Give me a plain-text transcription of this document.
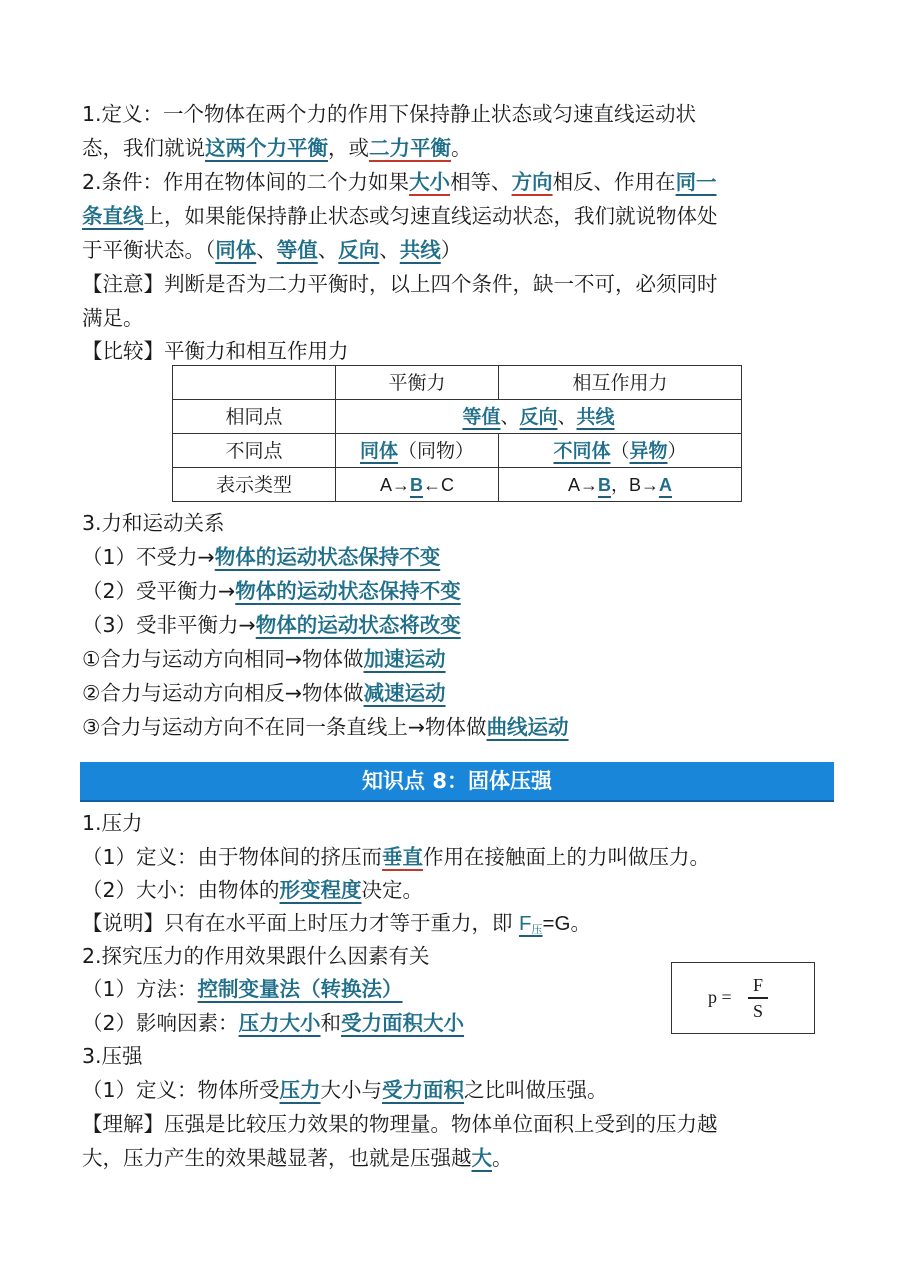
1.定义：一个物体在两个力的作用下保持静止状态或匀速直线运动状
态，我们就说这两个力平衡，或二力平衡。
2.条件：作用在物体间的二个力如果大小相等、方向相反、作用在同一
条直线上，如果能保持静止状态或匀速直线运动状态，我们就说物体处
于平衡状态。（同体、等值、反向、共线）
【注意】判断是否为二力平衡时，以上四个条件，缺一不可，必须同时
满足。
【比较】平衡力和相互作用力
	平衡力	相互作用力
相同点	等值、反向、共线	
不同点	同体（同物）	不同体（异物）
表示类型	A→B←C	A→B，B→A
3.力和运动关系
（1）不受力→物体的运动状态保持不变
（2）受平衡力→物体的运动状态保持不变
（3）受非平衡力→物体的运动状态将改变
①合力与运动方向相同→物体做加速运动
②合力与运动方向相反→物体做减速运动
③合力与运动方向不在同一条直线上→物体做曲线运动
知识点 8：固体压强
1.压力
（1）定义：由于物体间的挤压而垂直作用在接触面上的力叫做压力。
（2）大小：由物体的形变程度决定。
【说明】只有在水平面上时压力才等于重力，即 $F_压=G$。
2.探究压力的作用效果跟什么因素有关
（1）方法：控制变量法（转换法）
（2）影响因素：压力大小和受力面积大小
p =
F
S
3.压强
（1）定义：物体所受压力大小与受力面积之比叫做压强。
【理解】压强是比较压力效果的物理量。物体单位面积上受到的压力越
大，压力产生的效果越显著，也就是压强越大。
